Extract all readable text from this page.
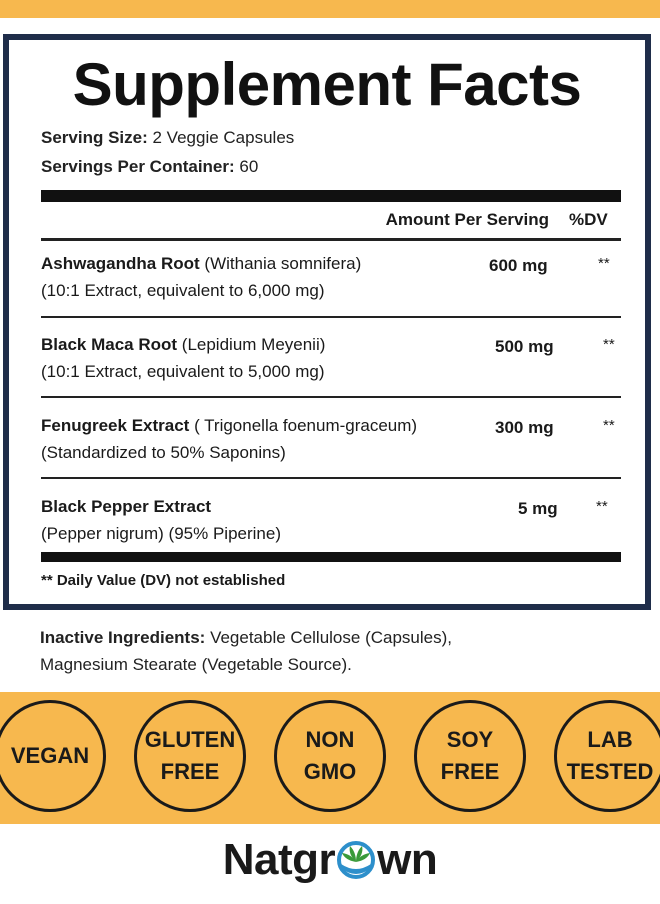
Supplement Facts
Serving Size: 2 Veggie Capsules
Servings Per Container: 60
Amount Per Serving %DV
Ashwagandha Root (Withania somnifera)
(10:1 Extract, equivalent to 6,000 mg)
600 mg	**
Black Maca Root (Lepidium Meyenii)
(10:1 Extract, equivalent to 5,000 mg)
500 mg	**
Fenugreek Extract ( Trigonella foenum-graceum)
(Standardized to 50% Saponins)
300 mg	**
Black Pepper Extract
(Pepper nigrum) (95% Piperine)
5 mg	**
** Daily Value (DV) not established
Inactive Ingredients: Vegetable Cellulose (Capsules),
Magnesium Stearate (Vegetable Source).
VEGAN
GLUTEN
FREE
NON
GMO
SOY
FREE
LAB
TESTED
Natgr wn
